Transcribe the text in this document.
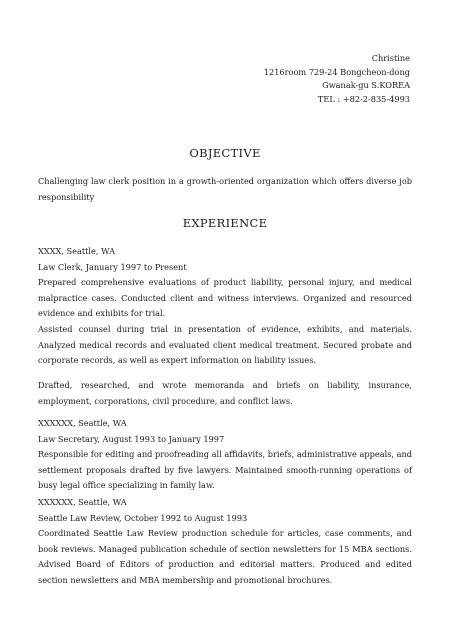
Christine
1216room 729-24 Bongcheon-dong
Gwanak-gu S.KOREA
TEL : +82-2-835-4993
OBJECTIVE
Challenging law clerk position in a growth-oriented organization which offers diverse job responsibility
EXPERIENCE
XXXX, Seattle, WA
Law Clerk, January 1997 to Present
Prepared comprehensive evaluations of product liability, personal injury, and medical malpractice cases. Conducted client and witness interviews. Organized and resourced evidence and exhibits for trial.
Assisted counsel during trial in presentation of evidence, exhibits, and materials. Analyzed medical records and evaluated client medical treatment. Secured probate and corporate records, as well as expert information on liability issues.
Drafted, researched, and wrote memoranda and briefs on liability, insurance, employment, corporations, civil procedure, and conflict laws.
XXXXXX, Seattle, WA
Law Secretary, August 1993 to January 1997
Responsible for editing and proofreading all affidavits, briefs, administrative appeals, and settlement proposals drafted by five lawyers. Maintained smooth-running operations of busy legal office specializing in family law.
XXXXXX, Seattle, WA
Seattle Law Review, October 1992 to August 1993
Coordinated Seattle Law Review production schedule for articles, case comments, and book reviews. Managed publication schedule of section newsletters for 15 MBA sections. Advised Board of Editors of production and editorial matters. Produced and edited section newsletters and MBA membership and promotional brochures.
